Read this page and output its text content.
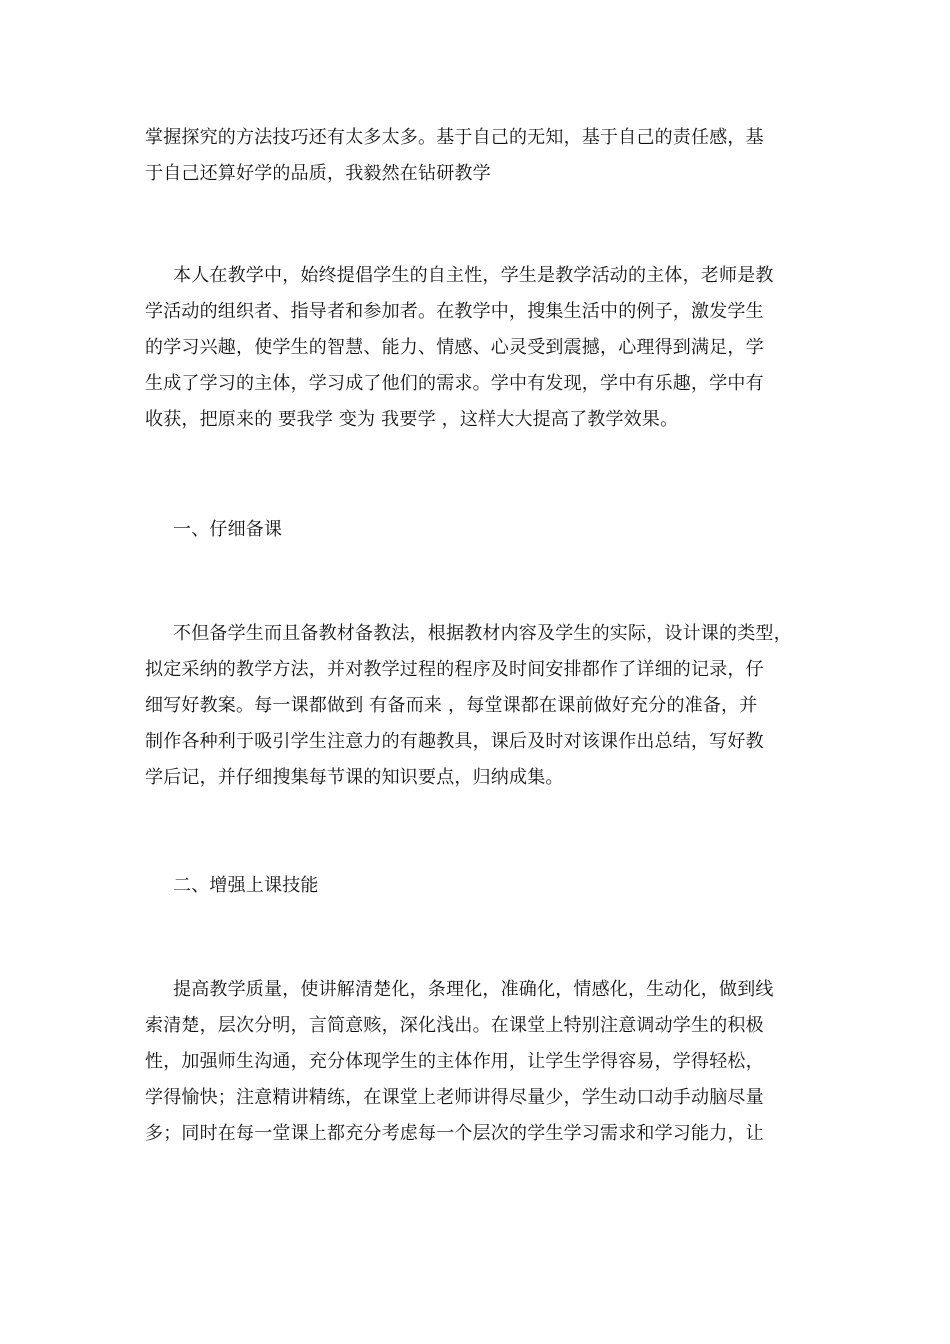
掌握探究的方法技巧还有太多太多。基于自己的无知，基于自己的责任感，基
于自己还算好学的品质，我毅然在钻研教学

本人在教学中，始终提倡学生的自主性，学生是教学活动的主体，老师是教
学活动的组织者、指导者和参加者。在教学中，搜集生活中的例子，激发学生
的学习兴趣，使学生的智慧、能力、情感、心灵受到震撼，心理得到满足，学
生成了学习的主体，学习成了他们的需求。学中有发现，学中有乐趣，学中有
收获，把原来的 要我学 变为 我要学 ，这样大大提高了教学效果。

一、仔细备课

不但备学生而且备教材备教法，根据教材内容及学生的实际，设计课的类型，
拟定采纳的教学方法，并对教学过程的程序及时间安排都作了详细的记录，仔
细写好教案。每一课都做到 有备而来 ，每堂课都在课前做好充分的准备，并
制作各种利于吸引学生注意力的有趣教具，课后及时对该课作出总结，写好教
学后记，并仔细搜集每节课的知识要点，归纳成集。

二、增强上课技能

提高教学质量，使讲解清楚化，条理化，准确化，情感化，生动化，做到线
索清楚，层次分明，言简意赅，深化浅出。在课堂上特别注意调动学生的积极
性，加强师生沟通，充分体现学生的主体作用，让学生学得容易，学得轻松，
学得愉快；注意精讲精练，在课堂上老师讲得尽量少，学生动口动手动脑尽量
多；同时在每一堂课上都充分考虑每一个层次的学生学习需求和学习能力，让
